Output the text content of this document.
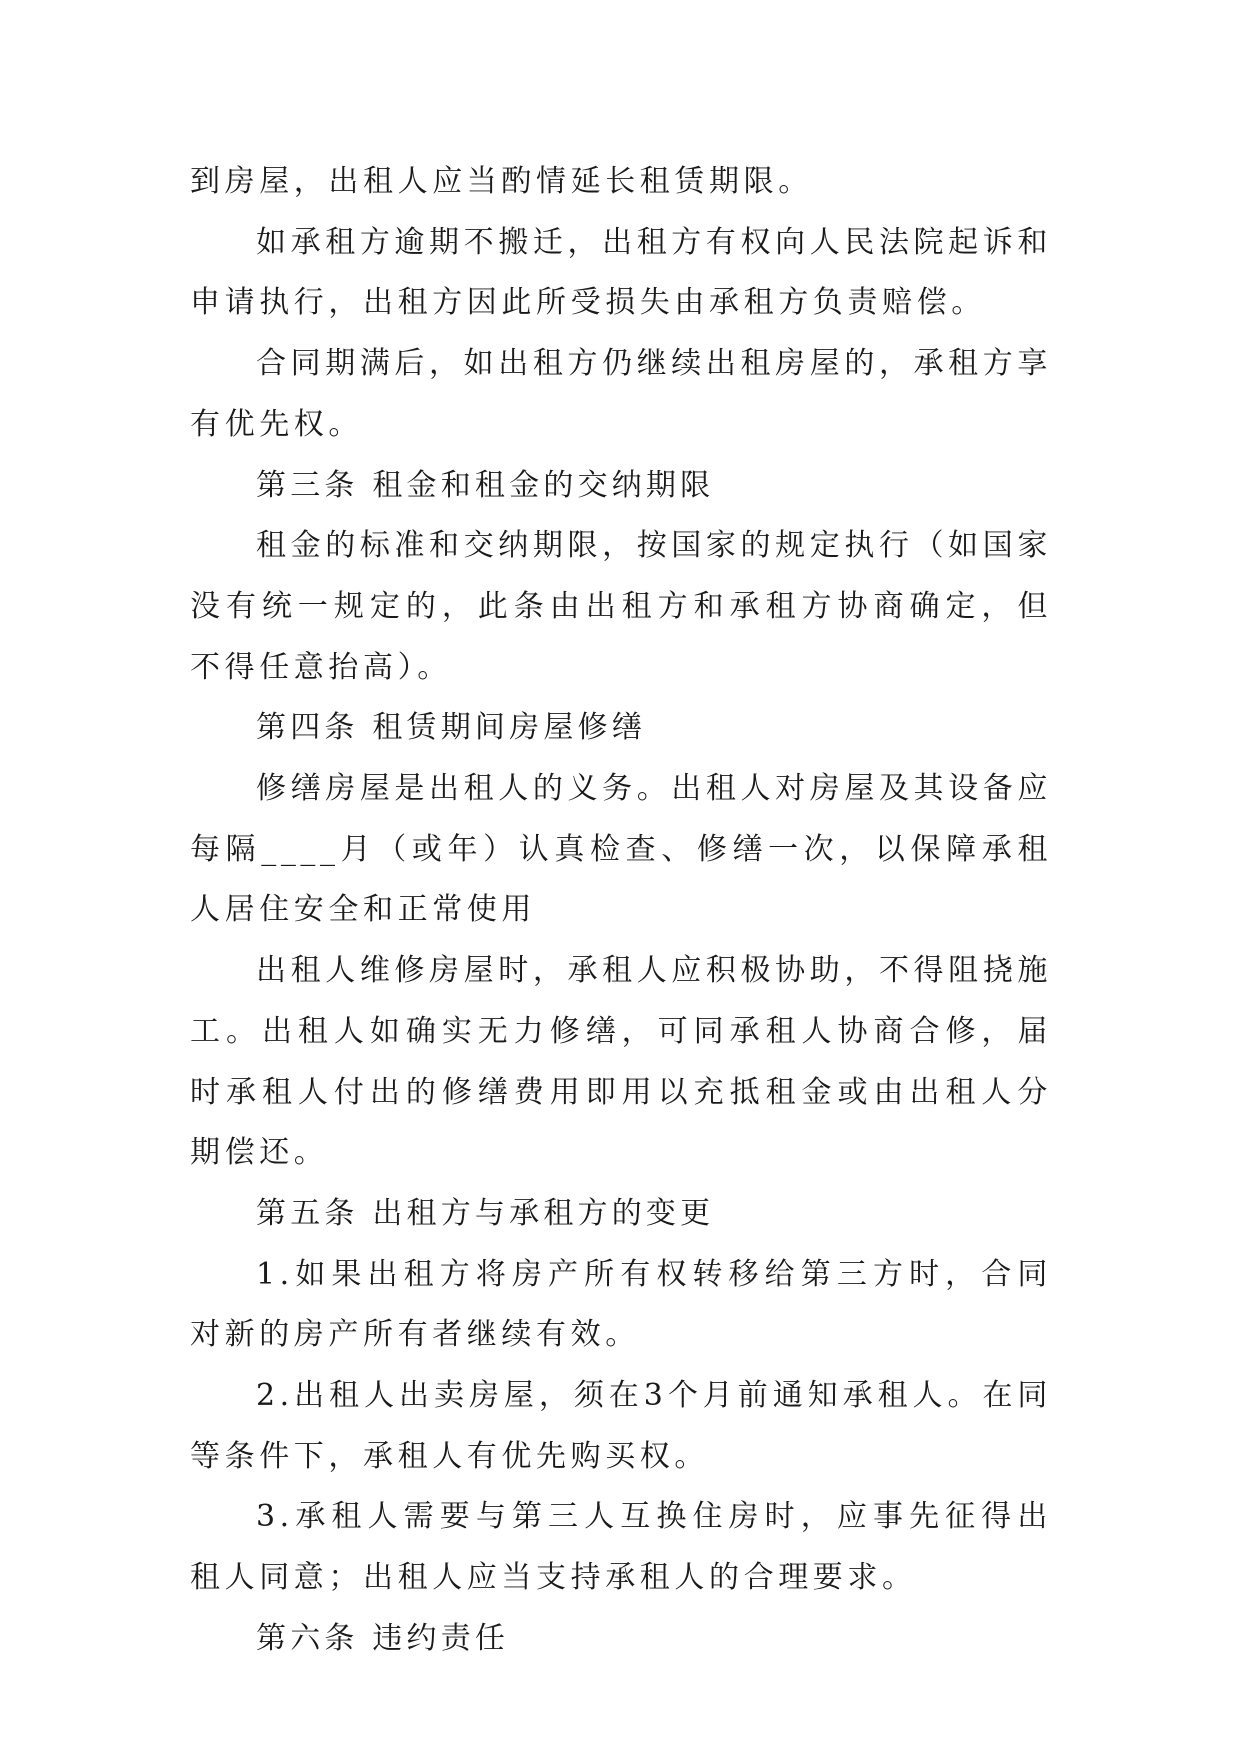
到房屋，出租人应当酌情延长租赁期限。

如承租方逾期不搬迁，出租方有权向人民法院起诉和申请执行，出租方因此所受损失由承租方负责赔偿。

合同期满后，如出租方仍继续出租房屋的，承租方享有优先权。

第三条 租金和租金的交纳期限

租金的标准和交纳期限，按国家的规定执行（如国家没有统一规定的，此条由出租方和承租方协商确定，但不得任意抬高）。

第四条 租赁期间房屋修缮

修缮房屋是出租人的义务。出租人对房屋及其设备应每隔____月（或年）认真检查、修缮一次，以保障承租人居住安全和正常使用

出租人维修房屋时，承租人应积极协助，不得阻挠施工。出租人如确实无力修缮，可同承租人协商合修，届时承租人付出的修缮费用即用以充抵租金或由出租人分期偿还。

第五条 出租方与承租方的变更

1.如果出租方将房产所有权转移给第三方时，合同对新的房产所有者继续有效。

2.出租人出卖房屋，须在3个月前通知承租人。在同等条件下，承租人有优先购买权。

3.承租人需要与第三人互换住房时，应事先征得出租人同意；出租人应当支持承租人的合理要求。

第六条 违约责任
